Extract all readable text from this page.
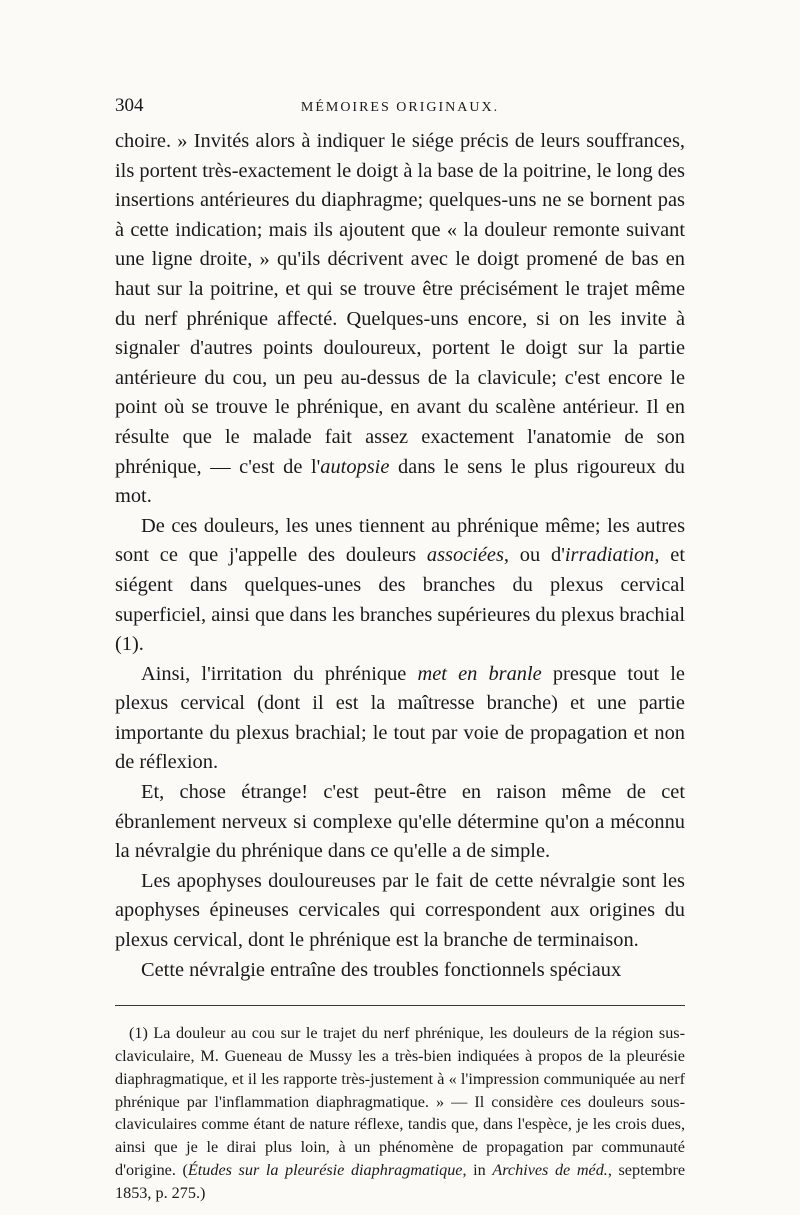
304	MÉMOIRES ORIGINAUX.

choire. » Invités alors à indiquer le siége précis de leurs souffrances, ils portent très-exactement le doigt à la base de la poitrine, le long des insertions antérieures du diaphragme; quelques-uns ne se bornent pas à cette indication; mais ils ajoutent que « la douleur remonte suivant une ligne droite, » qu'ils décrivent avec le doigt promené de bas en haut sur la poitrine, et qui se trouve être précisément le trajet même du nerf phrénique affecté. Quelques-uns encore, si on les invite à signaler d'autres points douloureux, portent le doigt sur la partie antérieure du cou, un peu au-dessus de la clavicule; c'est encore le point où se trouve le phrénique, en avant du scalène antérieur. Il en résulte que le malade fait assez exactement l'anatomie de son phrénique, — c'est de l'autopsie dans le sens le plus rigoureux du mot.

De ces douleurs, les unes tiennent au phrénique même; les autres sont ce que j'appelle des douleurs associées, ou d'irradiation, et siégent dans quelques-unes des branches du plexus cervical superficiel, ainsi que dans les branches supérieures du plexus brachial (1).

Ainsi, l'irritation du phrénique met en branle presque tout le plexus cervical (dont il est la maîtresse branche) et une partie importante du plexus brachial; le tout par voie de propagation et non de réflexion.

Et, chose étrange! c'est peut-être en raison même de cet ébranlement nerveux si complexe qu'elle détermine qu'on a méconnu la névralgie du phrénique dans ce qu'elle a de simple.

Les apophyses douloureuses par le fait de cette névralgie sont les apophyses épineuses cervicales qui correspondent aux origines du plexus cervical, dont le phrénique est la branche de terminaison.

Cette névralgie entraîne des troubles fonctionnels spéciaux

(1) La douleur au cou sur le trajet du nerf phrénique, les douleurs de la région sus-claviculaire, M. Gueneau de Mussy les a très-bien indiquées à propos de la pleurésie diaphragmatique, et il les rapporte très-justement à « l'impression communiquée au nerf phrénique par l'inflammation diaphragmatique. » — Il considère ces douleurs sous-claviculaires comme étant de nature réflexe, tandis que, dans l'espèce, je les crois dues, ainsi que je le dirai plus loin, à un phénomène de propagation par communauté d'origine. (Études sur la pleurésie diaphragmatique, in Archives de méd., septembre 1853, p. 275.)
